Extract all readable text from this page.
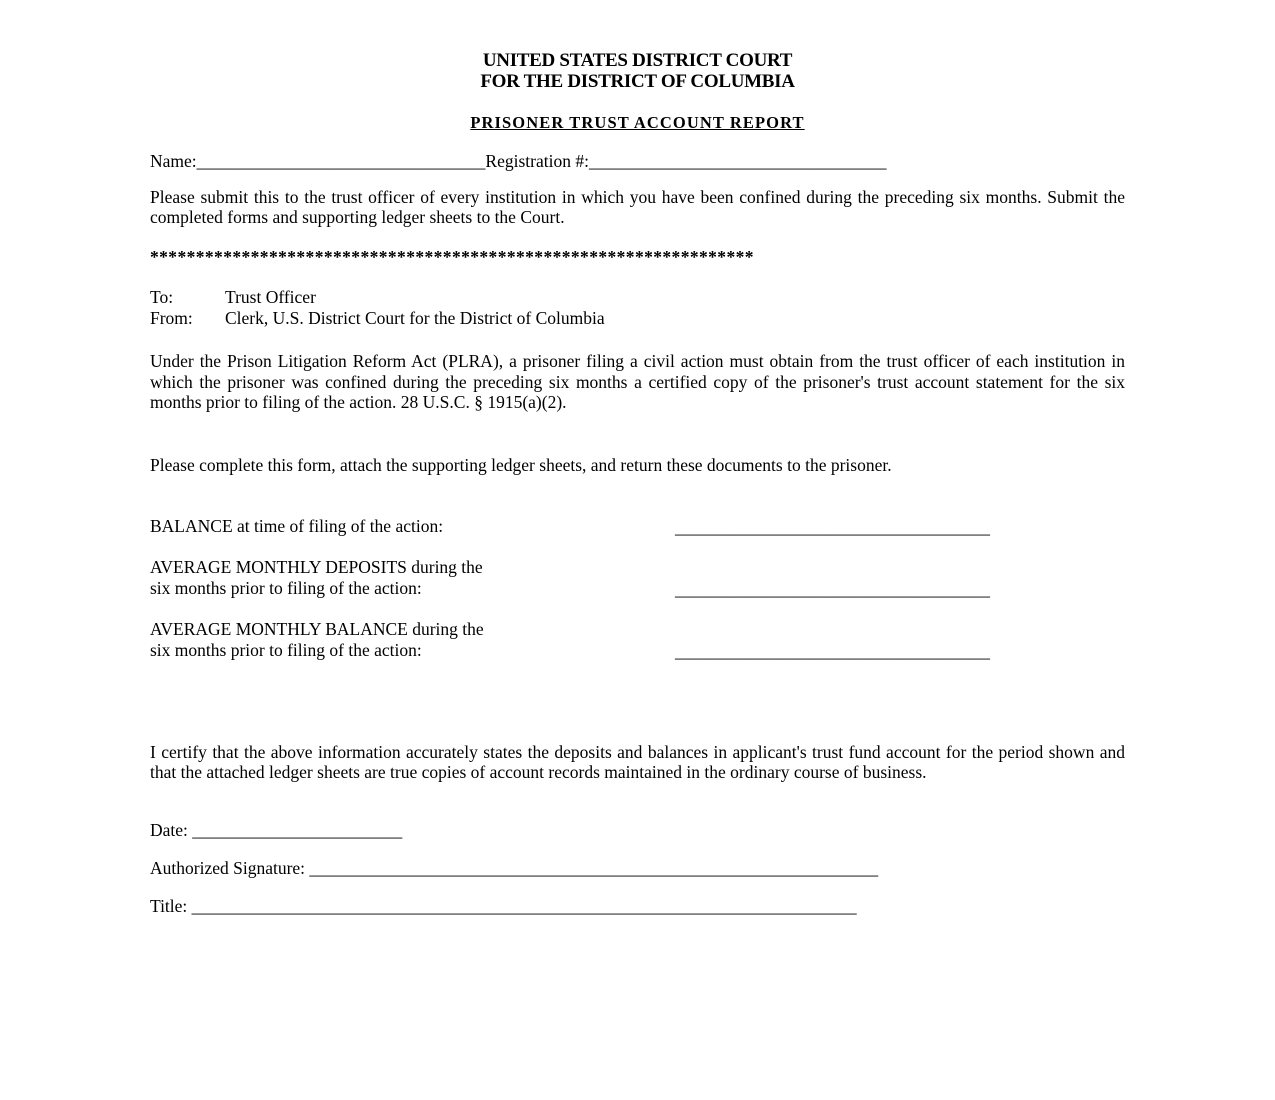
UNITED STATES DISTRICT COURT
FOR THE DISTRICT OF COLUMBIA
PRISONER TRUST ACCOUNT REPORT
Name:_________________________________Registration #:__________________________________
Please submit this to the trust officer of every institution in which you have been confined during the preceding six months. Submit the completed forms and supporting ledger sheets to the Court.
******************************************************************
To:	Trust Officer
From: Clerk, U.S. District Court for the District of Columbia
Under the Prison Litigation Reform Act (PLRA), a prisoner filing a civil action must obtain from the trust officer of each institution in which the prisoner was confined during the preceding six months a certified copy of the prisoner's trust account statement for the six months prior to filing of the action. 28 U.S.C. § 1915(a)(2).
Please complete this form, attach the supporting ledger sheets, and return these documents to the prisoner.
BALANCE at time of filing of the action:	____________________________________
AVERAGE MONTHLY DEPOSITS during the
six months prior to filing of the action:	____________________________________
AVERAGE MONTHLY BALANCE during the
six months prior to filing of the action:	____________________________________
I certify that the above information accurately states the deposits and balances in applicant's trust fund account for the period shown and that the attached ledger sheets are true copies of account records maintained in the ordinary course of business.
Date: ________________________
Authorized Signature: _________________________________________________________________
Title: ____________________________________________________________________________
